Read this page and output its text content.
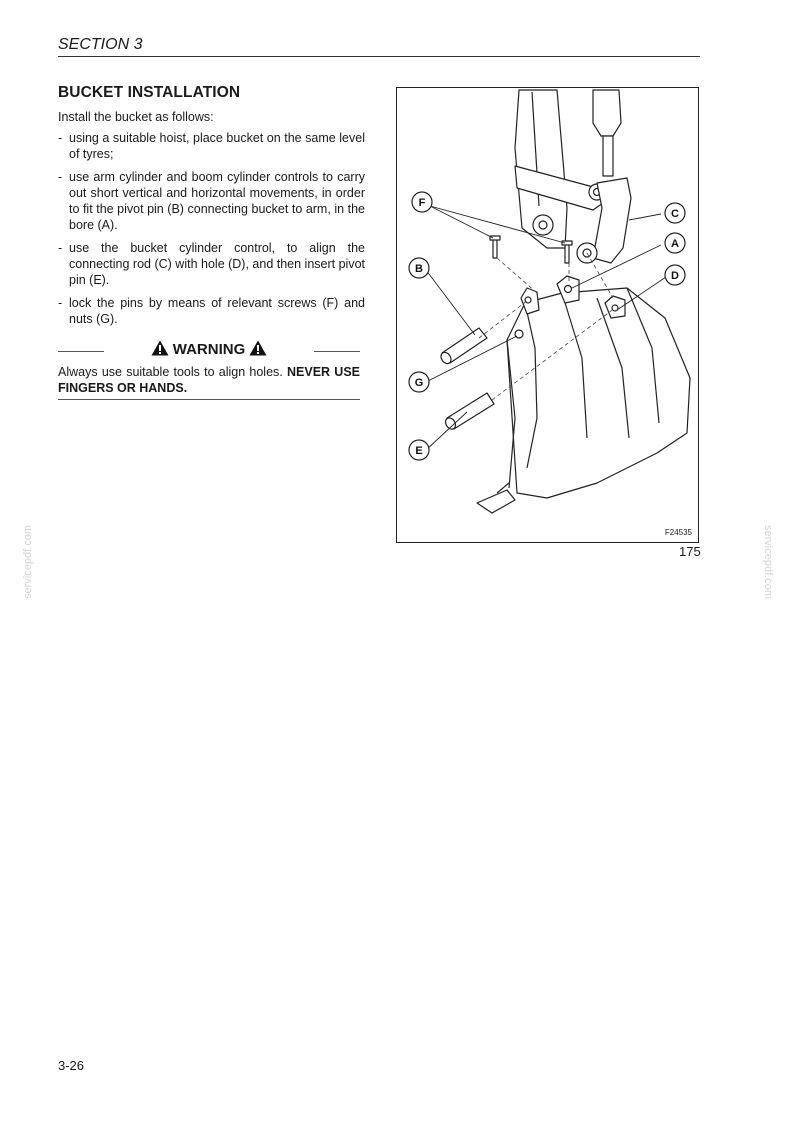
SECTION 3
BUCKET INSTALLATION

Install the bucket as follows:

- using a suitable hoist, place bucket on the same level of tyres;
- use arm cylinder and boom cylinder controls to carry out short vertical and horizontal movements, in order to fit the pivot pin (B) connecting bucket to arm, in the bore (A).
- use the bucket cylinder control, to align the connecting rod (C) with hole (D), and then insert pivot pin (E).
- lock the pins by means of relevant screws (F) and nuts (G).
WARNING
Always use suitable tools to align holes. NEVER USE FINGERS OR HANDS.
F
C
A
B
D
G
E
F24535
175
3-26
servicepdf.com	servicepdf.com
